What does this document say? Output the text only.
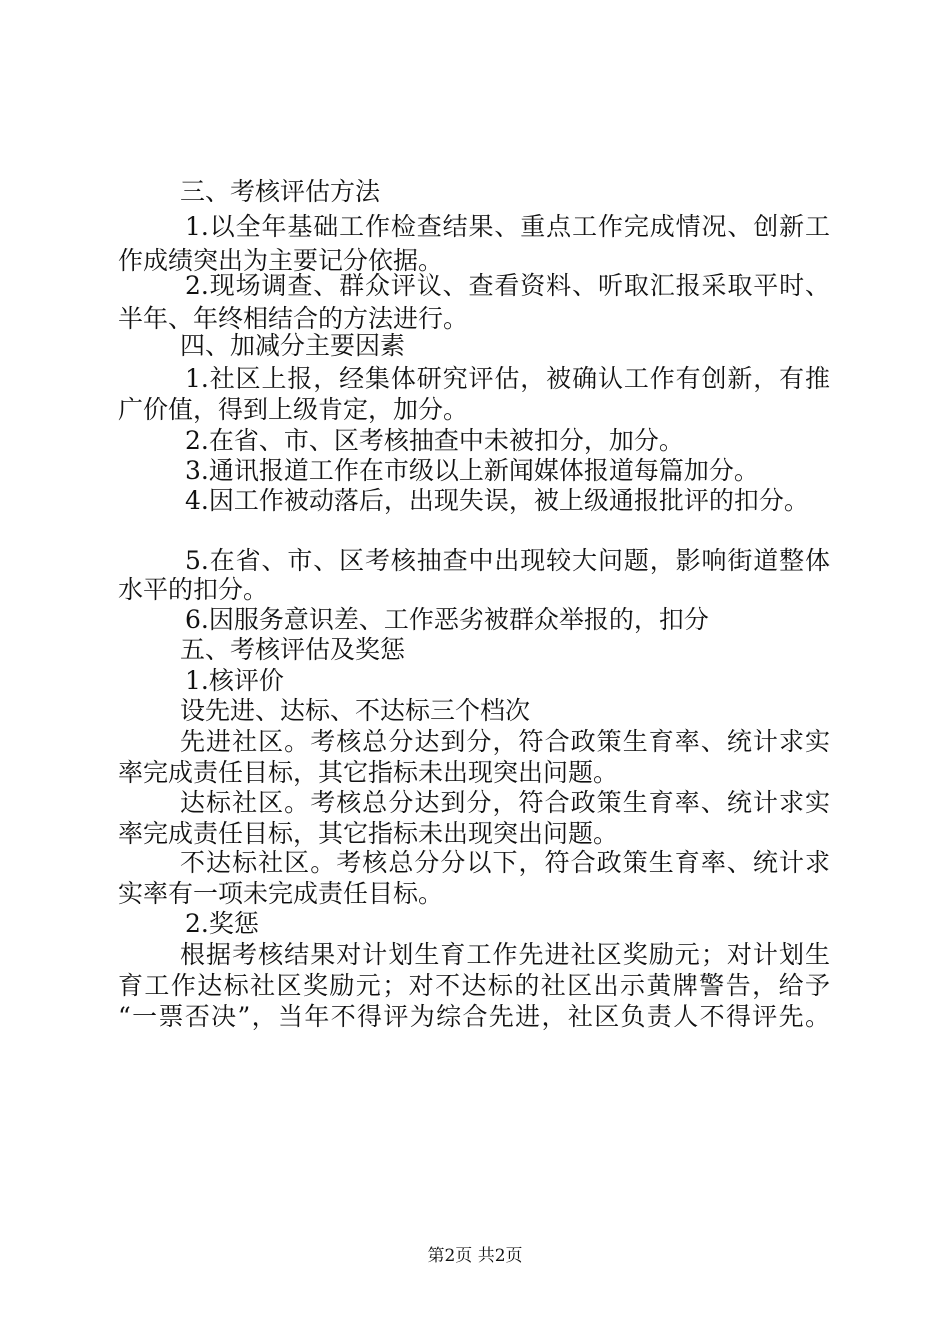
三、考核评估方法

1.以全年基础工作检查结果、重点工作完成情况、创新工

作成绩突出为主要记分依据。

2.现场调查、群众评议、查看资料、听取汇报采取平时、

半年、年终相结合的方法进行。

四、加减分主要因素

1.社区上报，经集体研究评估，被确认工作有创新，有推

广价值，得到上级肯定，加分。

2.在省、市、区考核抽查中未被扣分，加分。

3.通讯报道工作在市级以上新闻媒体报道每篇加分。

4.因工作被动落后，出现失误，被上级通报批评的扣分。

5.在省、市、区考核抽查中出现较大问题，影响街道整体

水平的扣分。

6.因服务意识差、工作恶劣被群众举报的，扣分

五、考核评估及奖惩

1.核评价

设先进、达标、不达标三个档次

先进社区。考核总分达到分，符合政策生育率、统计求实

率完成责任目标，其它指标未出现突出问题。

达标社区。考核总分达到分，符合政策生育率、统计求实

率完成责任目标，其它指标未出现突出问题。

不达标社区。考核总分分以下，符合政策生育率、统计求

实率有一项未完成责任目标。

2.奖惩

根据考核结果对计划生育工作先进社区奖励元；对计划生

育工作达标社区奖励元；对不达标的社区出示黄牌警告，给予

“一票否决”，当年不得评为综合先进，社区负责人不得评先。

第2页 共2页
